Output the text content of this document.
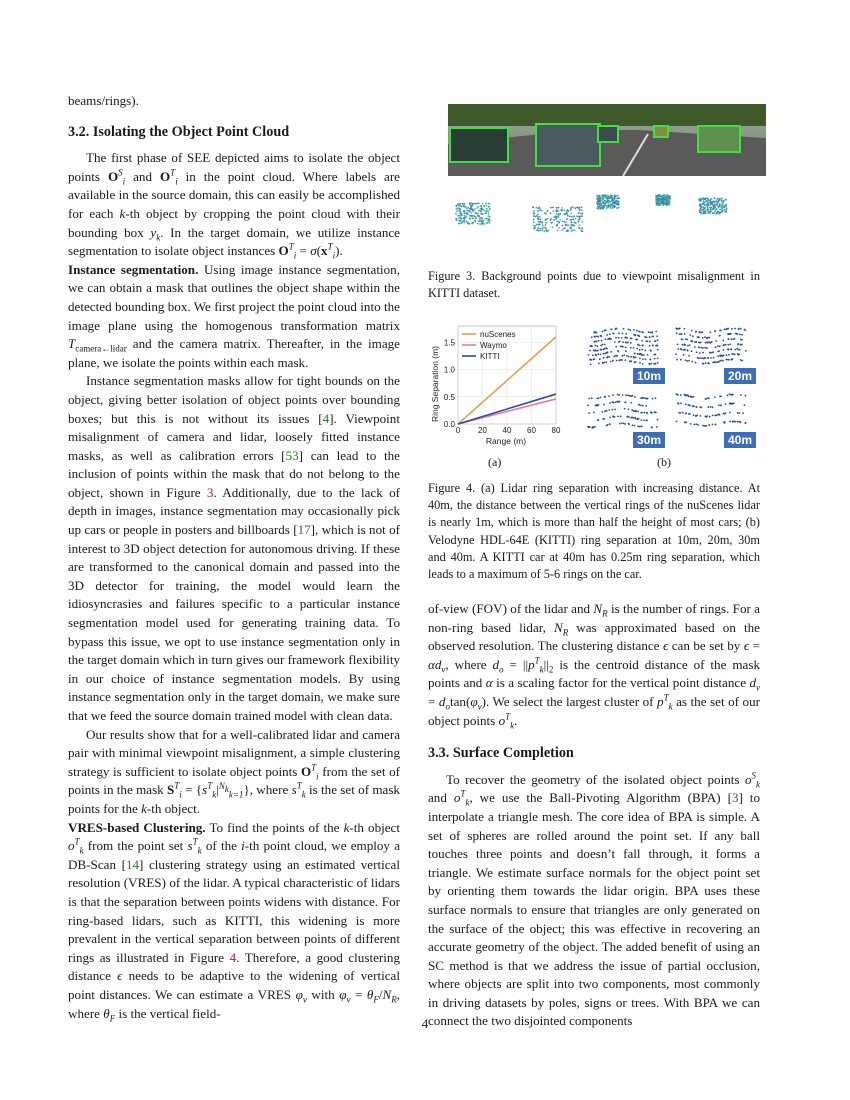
beams/rings).

3.2. Isolating the Object Point Cloud

The first phase of SEE depicted aims to isolate the object points $O^S_i$ and $O^T_i$ in the point cloud. Where labels are available in the source domain, this can easily be accomplished for each k-th object by cropping the point cloud with their bounding box $y_k$. In the target domain, we utilize instance segmentation to isolate object instances $O^T_i = \sigma(x^T_i)$.

Instance segmentation. Using image instance segmentation, we can obtain a mask that outlines the object shape within the detected bounding box. We first project the point cloud into the image plane using the homogenous transformation matrix $T_{camera\leftarrow lidar}$ and the camera matrix. Thereafter, in the image plane, we isolate the points within each mask.

Instance segmentation masks allow for tight bounds on the object, giving better isolation of object points over bounding boxes; but this is not without its issues [4]. Viewpoint misalignment of camera and lidar, loosely fitted instance masks, as well as calibration errors [53] can lead to the inclusion of points within the mask that do not belong to the object, shown in Figure 3. Additionally, due to the lack of depth in images, instance segmentation may occasionally pick up cars or people in posters and billboards [17], which is not of interest to 3D object detection for autonomous driving. If these are transformed to the canonical domain and passed into the 3D detector for training, the model would learn the idiosyncrasies and failures specific to a particular instance segmentation model used for generating training data. To bypass this issue, we opt to use instance segmentation only in the target domain which in turn gives our framework flexibility in our choice of instance segmentation models. By using instance segmentation only in the target domain, we make sure that we feed the source domain trained model with clean data.

Our results show that for a well-calibrated lidar and camera pair with minimal viewpoint misalignment, a simple clustering strategy is sufficient to isolate object points $O^T_i$ from the set of points in the mask $S^T_i = \{s^T_k|^{N_k}_{k=1}\}$, where $s^T_k$ is the set of mask points for the k-th object.

VRES-based Clustering. To find the points of the k-th object $o^T_k$ from the point set $s^T_k$ of the i-th point cloud, we employ a DB-Scan [14] clustering strategy using an estimated vertical resolution (VRES) of the lidar. A typical characteristic of lidars is that the separation between points widens with distance. For ring-based lidars, such as KITTI, this widening is more prevalent in the vertical separation between points of different rings as illustrated in Figure 4. Therefore, a good clustering distance ϵ needs to be adaptive to the widening of vertical point distances. We can estimate a VRES $\varphi_v$ with $\varphi_v = \theta_F/N_R$, where $\theta_F$ is the vertical field-

Figure 3. Background points due to viewpoint misalignment in KITTI dataset.
0 20 40 60 80
0.0
0.5
1.0
1.5
nuScenes
Waymo
KITTI
Range (m)
Ring Separation (m)
(a)
10m	20m
30m	40m
(b)
Figure 4. (a) Lidar ring separation with increasing distance. At 40m, the distance between the vertical rings of the nuScenes lidar is nearly 1m, which is more than half the height of most cars; (b) Velodyne HDL-64E (KITTI) ring separation at 10m, 20m, 30m and 40m. A KITTI car at 40m has 0.25m ring separation, which leads to a maximum of 5-6 rings on the car.

of-view (FOV) of the lidar and $N_R$ is the number of rings. For a non-ring based lidar, $N_R$ was approximated based on the observed resolution. The clustering distance ϵ can be set by $\epsilon = \alpha d_v$, where $d_o = ||p^T_k||_2$ is the centroid distance of the mask points and α is a scaling factor for the vertical point distance $d_v = d_o\tan(\varphi_v)$. We select the largest cluster of $p^T_k$ as the set of our object points $o^T_k$.

3.3. Surface Completion

To recover the geometry of the isolated object points $o^S_k$ and $o^T_k$, we use the Ball-Pivoting Algorithm (BPA) [3] to interpolate a triangle mesh. The core idea of BPA is simple. A set of spheres are rolled around the point set. If any ball touches three points and doesn’t fall through, it forms a triangle. We estimate surface normals for the object point set by orienting them towards the lidar origin. BPA uses these surface normals to ensure that triangles are only generated on the surface of the object; this was effective in recovering an accurate geometry of the object. The added benefit of using an SC method is that we address the issue of partial occlusion, where objects are split into two components, most commonly in driving datasets by poles, signs or trees. With BPA we can connect the two disjointed components

4
